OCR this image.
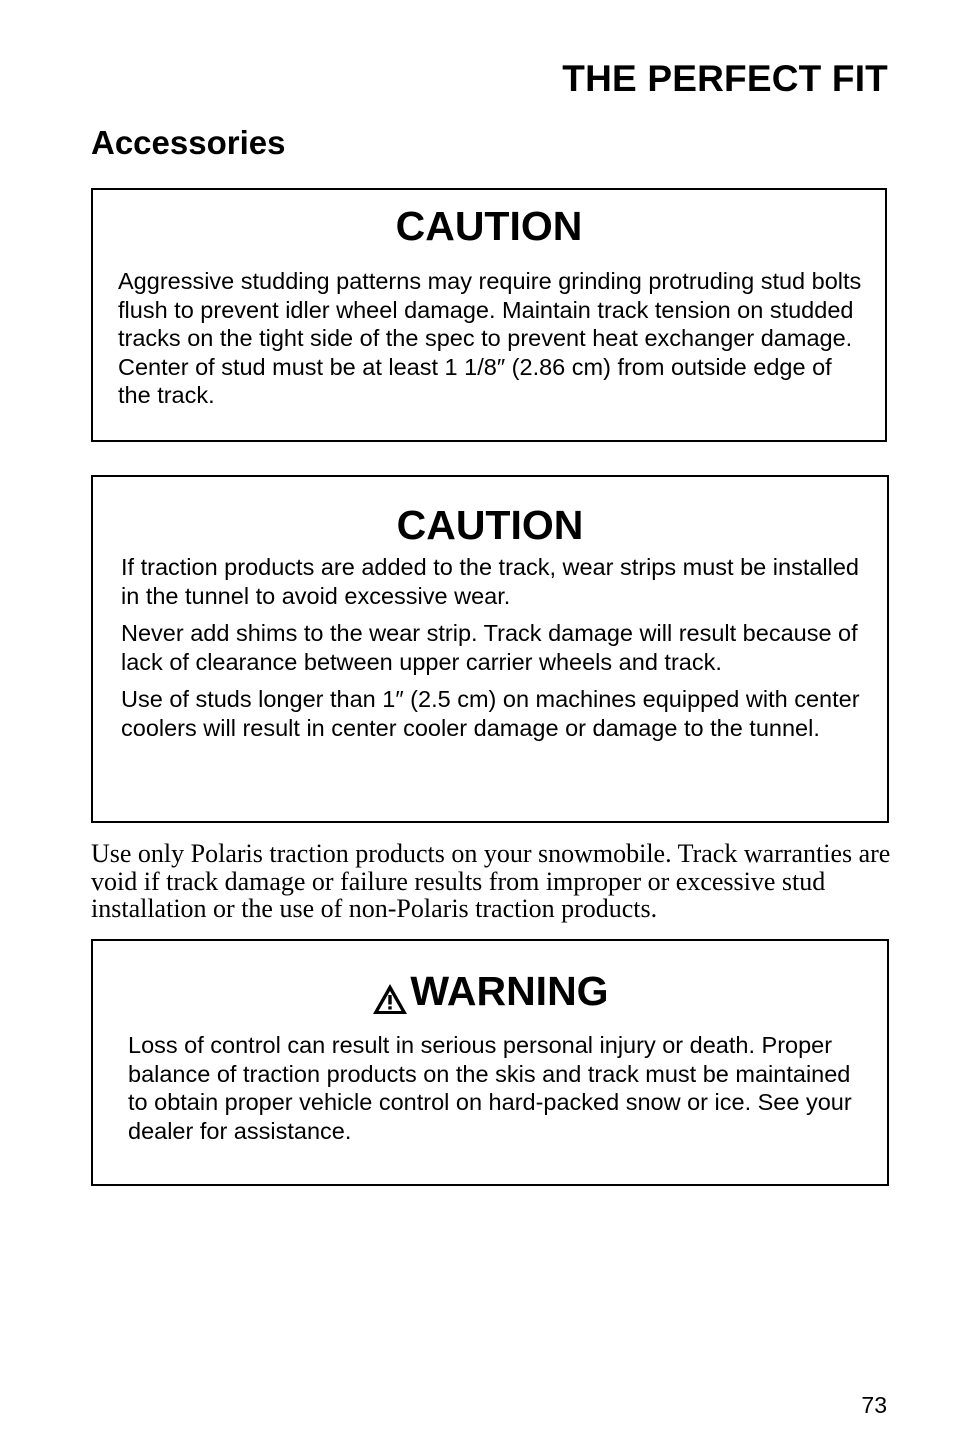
THE PERFECT FIT
Accessories

CAUTION

Aggressive studding patterns may require grinding protruding stud bolts flush to prevent idler wheel damage. Maintain track tension on studded tracks on the tight side of the spec to prevent heat exchanger damage. Center of stud must be at least 1 1/8″ (2.86 cm) from outside edge of the track.

CAUTION

If traction products are added to the track, wear strips must be installed in the tunnel to avoid excessive wear.

Never add shims to the wear strip. Track damage will result because of lack of clearance between upper carrier wheels and track.

Use of studs longer than 1″ (2.5 cm) on machines equipped with center coolers will result in center cooler damage or damage to the tunnel.

Use only Polaris traction products on your snowmobile. Track warranties are void if track damage or failure results from improper or excessive stud installation or the use of non-Polaris traction products.

WARNING

Loss of control can result in serious personal injury or death. Proper balance of traction products on the skis and track must be maintained to obtain proper vehicle control on hard-packed snow or ice. See your dealer for assistance.

73
